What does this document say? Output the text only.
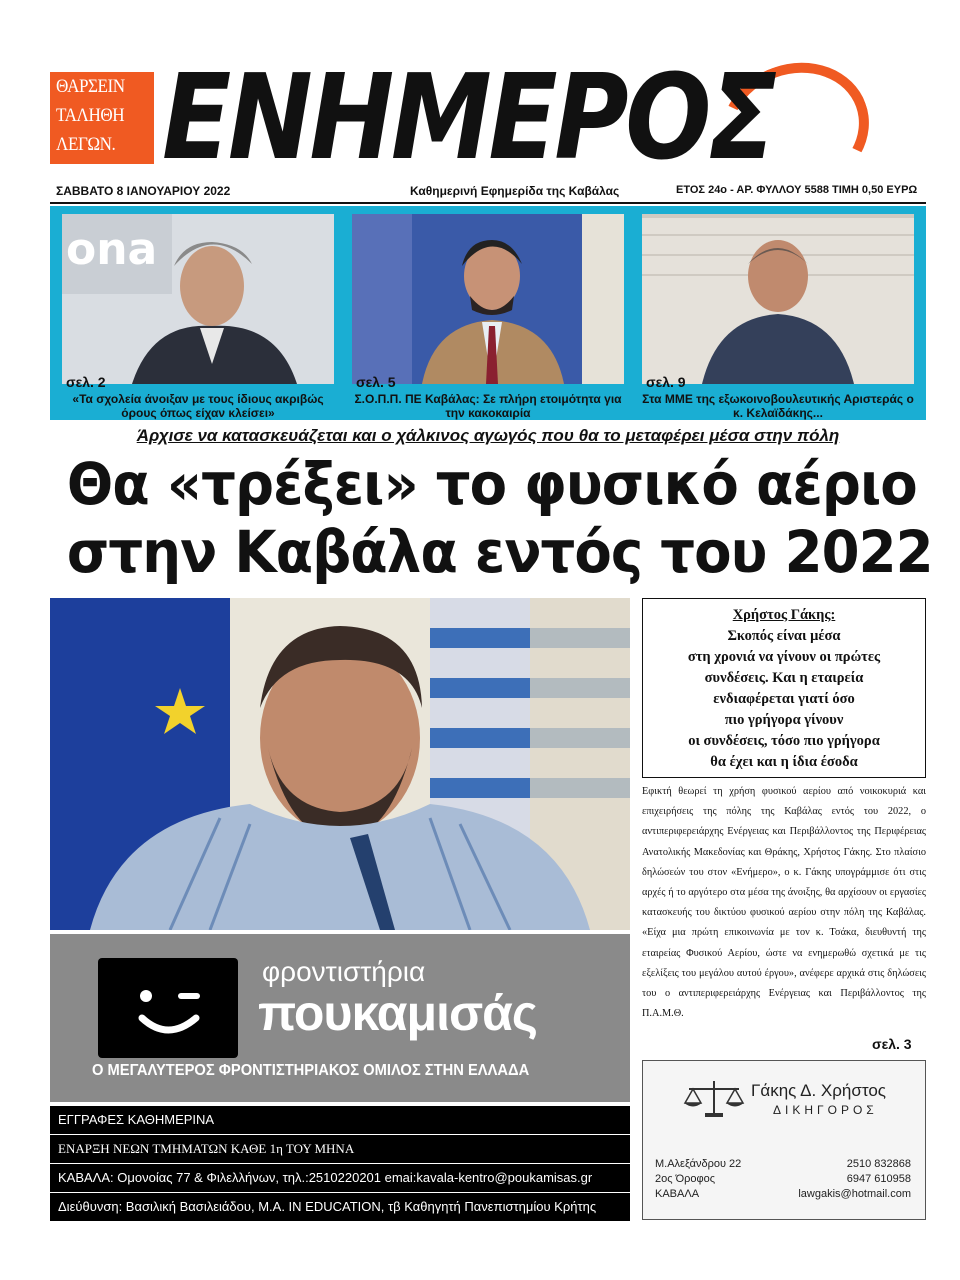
ΘΑΡΣΕΙΝ
ΤΑΛΗΘΗ
ΛΕΓΩΝ. ΕΝΗΜΕΡΟΣ
ΣΑΒΒΑΤΟ 8 ΙΑΝΟΥΑΡΙΟΥ 2022	Καθημερινή Εφημερίδα της Καβάλας	ΕΤΟΣ 24ο - ΑΡ. ΦΥΛΛΟΥ 5588 ΤΙΜΗ 0,50 ΕΥΡΩ
ona
σελ. 2
«Τα σχολεία άνοιξαν με τους ίδιους ακριβώς όρους όπως είχαν κλείσει»
σελ. 5
Σ.Ο.Π.Π. ΠΕ Καβάλας: Σε πλήρη ετοιμότητα για την κακοκαιρία
σελ. 9
Στα ΜΜΕ της εξωκοινοβουλευτικής Αριστεράς ο κ. Κελαϊδάκης...
Άρχισε να κατασκευάζεται και ο χάλκινος αγωγός που θα το μεταφέρει μέσα στην πόλη
Θα «τρέξει» το φυσικό αέριο
στην Καβάλα εντός του 2022
φροντιστήρια
πουκαμισάς
Ο ΜΕΓΑΛΥΤΕΡΟΣ ΦΡΟΝΤΙΣΤΗΡΙΑΚΟΣ ΟΜΙΛΟΣ ΣΤΗΝ ΕΛΛΑΔΑ
ΕΓΓΡΑΦΕΣ ΚΑΘΗΜΕΡΙΝΑ
ΕΝΑΡΞΗ ΝΕΩΝ ΤΜΗΜΑΤΩΝ ΚΑΘΕ 1η ΤΟΥ ΜΗΝΑ
ΚΑΒΑΛΑ: Ομονοίας 77 & Φιλελλήνων, τηλ.:2510220201 emai:kavala-kentro@poukamisas.gr
Διεύθυνση: Βασιλική Βασιλειάδου, Μ.Α. IN EDUCATION, τβ Καθηγητή Πανεπιστημίου Κρήτης
Χρήστος Γάκης:
Σκοπός είναι μέσα
στη χρονιά να γίνουν οι πρώτες
συνδέσεις. Και η εταιρεία
ενδιαφέρεται γιατί όσο
πιο γρήγορα γίνουν
οι συνδέσεις, τόσο πιο γρήγορα
θα έχει και η ίδια έσοδα
Εφικτή θεωρεί τη χρήση φυσικού αερίου από νοικοκυριά και επιχειρήσεις της πόλης της Καβάλας εντός του 2022, ο αντιπεριφερειάρχης Ενέργειας και Περιβάλλοντος της Περιφέρειας Ανατολικής Μακεδονίας και Θράκης, Χρήστος Γάκης. Στο πλαίσιο δηλώσεών του στον «Ενήμερο», ο κ. Γάκης υπογράμμισε ότι στις αρχές ή το αργότερο στα μέσα της άνοιξης, θα αρχίσουν οι εργασίες κατασκευής του δικτύου φυσικού αερίου στην πόλη της Καβάλας. «Είχα μια πρώτη επικοινωνία με τον κ. Τσάκα, διευθυντή της εταιρείας Φυσικού Αερίου, ώστε να ενημερωθώ σχετικά με τις εξελίξεις του μεγάλου αυτού έργου», ανέφερε αρχικά στις δηλώσεις του ο αντιπεριφερειάρχης Ενέργειας και Περιβάλλοντος της Π.Α.Μ.Θ.
σελ. 3
Γάκης Δ. Χρήστος
ΔΙΚΗΓΟΡΟΣ
Μ.Αλεξάνδρου 22
2ος Όροφος
ΚΑΒΑΛΑ
2510 832868
6947 610958
lawgakis@hotmail.com
